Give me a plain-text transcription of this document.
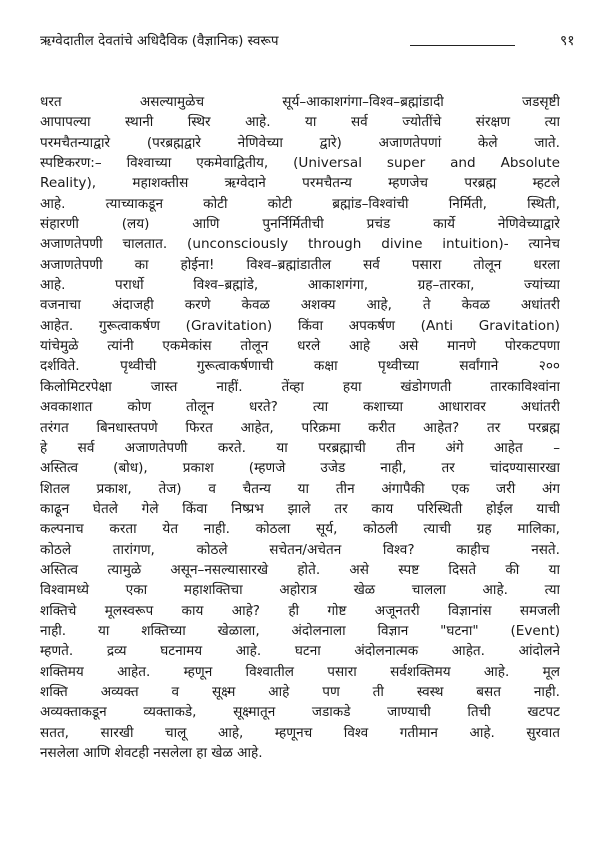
ऋग्वेदातील देवतांचे अधिदैविक (वैज्ञानिक) स्वरूप	९१
धरत असल्यामुळेच सूर्य–आकाशगंगा–विश्व–ब्रह्मांडादी जडसृष्टी
आपापल्या स्थानी स्थिर आहे. या सर्व ज्योतींचे संरक्षण त्या
परमचैतन्याद्वारे (परब्रह्मद्वारे नेणिवेच्या द्वारे) अजाणतेपणां केले जाते.
स्पष्टिकरण:– विश्वाच्या एकमेवाद्वितीय, (Universal super and Absolute
Reality), महाशक्तीस ऋग्वेदाने परमचैतन्य म्हणजेच परब्रह्म म्हटले
आहे. त्याच्याकडून कोटी कोटी ब्रह्मांड–विश्वांची निर्मिती, स्थिती,
संहारणी (लय) आणि पुनर्निर्मितीची प्रचंड कार्ये नेणिवेच्याद्वारे
अजाणतेपणी चालतात. (unconsciously through divine intuition)- त्यानेच
अजाणतेपणी का होईना! विश्व–ब्रह्मांडातील सर्व पसारा तोलून धरला
आहे. परार्धो विश्व–ब्रह्मांडे, आकाशगंगा, ग्रह–तारका, ज्यांच्या
वजनाचा अंदाजही करणे केवळ अशक्य आहे, ते केवळ अधांतरी
आहेत. गुरूत्वाकर्षण (Gravitation) किंवा अपकर्षण (Anti Gravitation)
यांचेमुळे त्यांनी एकमेकांस तोलून धरले आहे असे मानणे पोरकटपणा
दर्शविते. पृथ्वीची गुरूत्वाकर्षणाची कक्षा पृथ्वीच्या सर्वांगाने २००
किलोमिटरपेक्षा जास्त नाहीं. तेंव्हा हया खंडोगणती तारकाविश्वांना
अवकाशात कोण तोलून धरते? त्या कशाच्या आधारावर अधांतरी
तरंगत बिनधास्तपणे फिरत आहेत, परिक्रमा करीत आहेत? तर परब्रह्म
हे सर्व अजाणतेपणी करते. या परब्रह्माची तीन अंगे आहेत –
अस्तित्व (बोध), प्रकाश (म्हणजे उजेड नाही, तर चांदण्यासारखा
शितल प्रकाश, तेज) व चैतन्य या तीन अंगापैकी एक जरी अंग
काढून घेतले गेले किंवा निष्प्रभ झाले तर काय परिस्थिती होईल याची
कल्पनाच करता येत नाही. कोठला सूर्य, कोठली त्याची ग्रह मालिका,
कोठले तारांगण, कोठले सचेतन/अचेतन विश्व? काहीच नसते.
अस्तित्व त्यामुळे असून–नसल्यासारखे होते. असे स्पष्ट दिसते की या
विश्वामध्ये एका महाशक्तिचा अहोरात्र खेळ चालला आहे. त्या
शक्तिचे मूलस्वरूप काय आहे? ही गोष्ट अजूनतरी विज्ञानांस समजली
नाही. या शक्तिच्या खेळाला, अंदोलनाला विज्ञान "घटना" (Event)
म्हणते. द्रव्य घटनामय आहे. घटना अंदोलनात्मक आहेत. आंदोलने
शक्तिमय आहेत. म्हणून विश्वातील पसारा सर्वशक्तिमय आहे. मूल
शक्ति अव्यक्त व सूक्ष्म आहे पण ती स्वस्थ बसत नाही.
अव्यक्ताकडून व्यक्ताकडे, सूक्ष्मातून जडाकडे जाण्याची तिची खटपट
सतत, सारखी चालू आहे, म्हणूनच विश्व गतीमान आहे. सुरवात
नसलेला आणि शेवटही नसलेला हा खेळ आहे.
